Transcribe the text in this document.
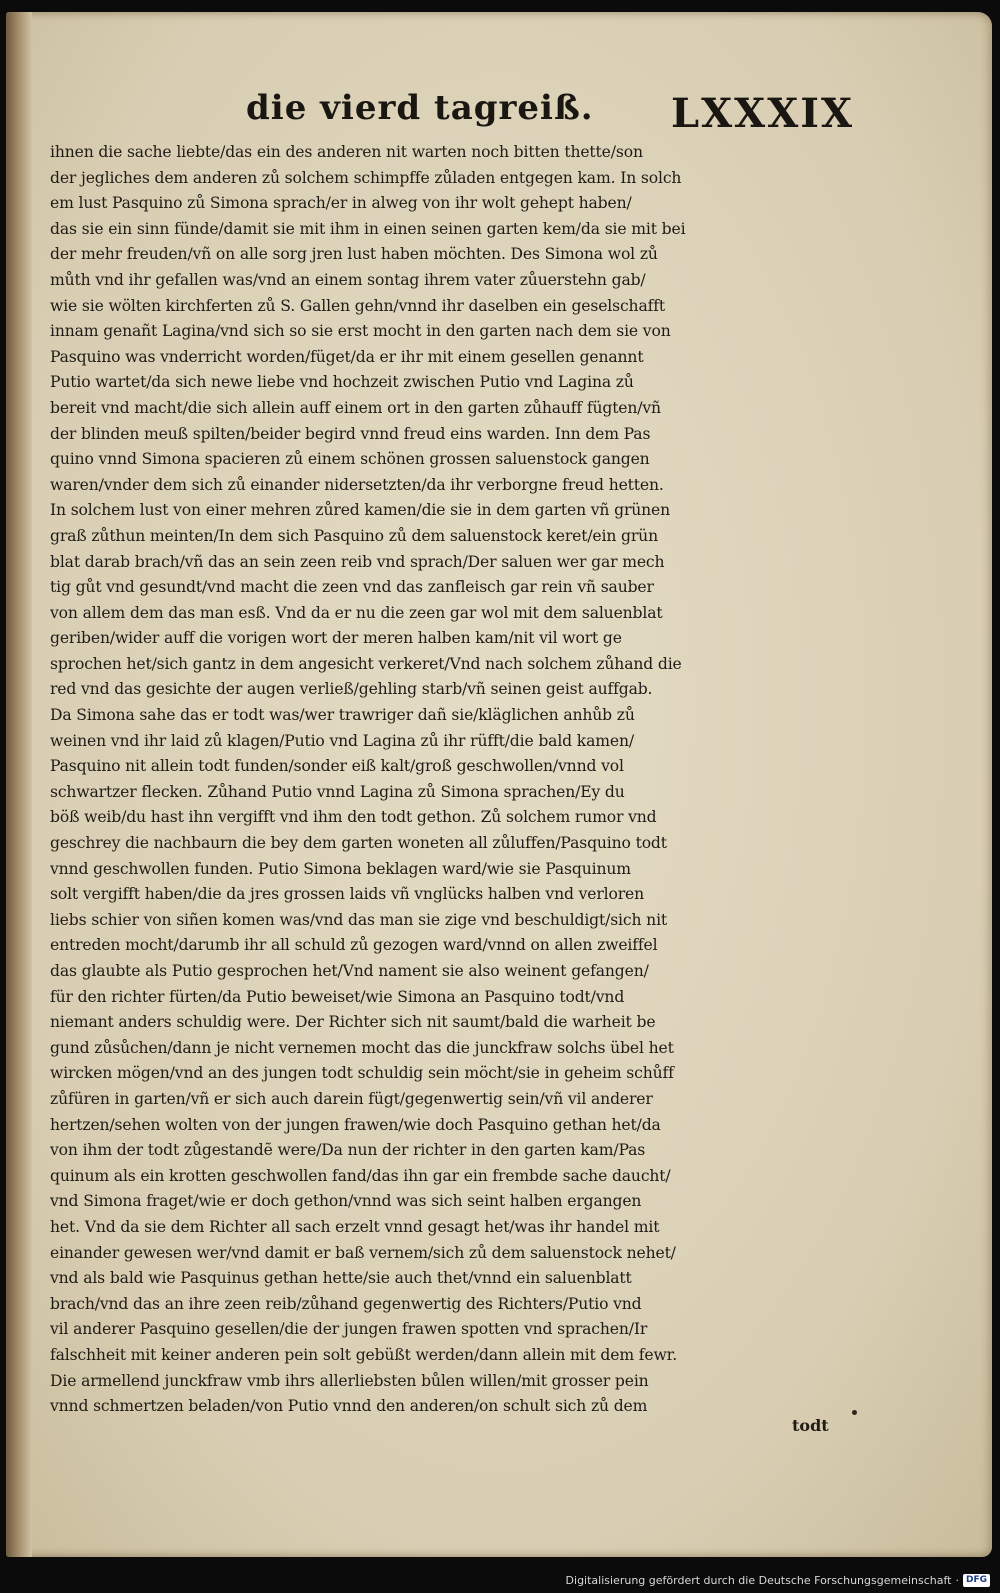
die vierd tagreiß. LXXXIX
ihnen die sache liebte/das ein des anderen nit warten noch bitten thette/son
der jegliches dem anderen zů solchem schimpffe zůladen entgegen kam. In solch
em lust Pasquino zů Simona sprach/er in alweg von ihr wolt gehept haben/
das sie ein sinn fünde/damit sie mit ihm in einen seinen garten kem/da sie mit bei
der mehr freuden/vñ on alle sorg jren lust haben möchten. Des Simona wol zů
můth vnd ihr gefallen was/vnd an einem sontag ihrem vater zůuerstehn gab/
wie sie wölten kirchferten zů S. Gallen gehn/vnnd ihr daselben ein geselschafft
innam genañt Lagina/vnd sich so sie erst mocht in den garten nach dem sie von
Pasquino was vnderricht worden/füget/da er ihr mit einem gesellen genannt
Putio wartet/da sich newe liebe vnd hochzeit zwischen Putio vnd Lagina zů
bereit vnd macht/die sich allein auff einem ort in den garten zůhauff fügten/vñ
der blinden meuß spilten/beider begird vnnd freud eins warden. Inn dem Pas
quino vnnd Simona spacieren zů einem schönen grossen saluenstock gangen
waren/vnder dem sich zů einander nidersetzten/da ihr verborgne freud hetten.
In solchem lust von einer mehren zůred kamen/die sie in dem garten vñ grünen
graß zůthun meinten/In dem sich Pasquino zů dem saluenstock keret/ein grün
blat darab brach/vñ das an sein zeen reib vnd sprach/Der saluen wer gar mech
tig gůt vnd gesundt/vnd macht die zeen vnd das zanfleisch gar rein vñ sauber
von allem dem das man esß. Vnd da er nu die zeen gar wol mit dem saluenblat
geriben/wider auff die vorigen wort der meren halben kam/nit vil wort ge
sprochen het/sich gantz in dem angesicht verkeret/Vnd nach solchem zůhand die
red vnd das gesichte der augen verließ/gehling starb/vñ seinen geist auffgab.
Da Simona sahe das er todt was/wer trawriger dañ sie/kläglichen anhůb zů
weinen vnd ihr laid zů klagen/Putio vnd Lagina zů ihr rüfft/die bald kamen/
Pasquino nit allein todt funden/sonder eiß kalt/groß geschwollen/vnnd vol
schwartzer flecken. Zůhand Putio vnnd Lagina zů Simona sprachen/Ey du
böß weib/du hast ihn vergifft vnd ihm den todt gethon. Zů solchem rumor vnd
geschrey die nachbaurn die bey dem garten woneten all zůluffen/Pasquino todt
vnnd geschwollen funden. Putio Simona beklagen ward/wie sie Pasquinum
solt vergifft haben/die da jres grossen laids vñ vnglücks halben vnd verloren
liebs schier von siñen komen was/vnd das man sie zige vnd beschuldigt/sich nit
entreden mocht/darumb ihr all schuld zů gezogen ward/vnnd on allen zweiffel
das glaubte als Putio gesprochen het/Vnd nament sie also weinent gefangen/
für den richter fürten/da Putio beweiset/wie Simona an Pasquino todt/vnd
niemant anders schuldig were. Der Richter sich nit saumt/bald die warheit be
gund zůsůchen/dann je nicht vernemen mocht das die junckfraw solchs übel het
wircken mögen/vnd an des jungen todt schuldig sein möcht/sie in geheim schůff
zůfüren in garten/vñ er sich auch darein fügt/gegenwertig sein/vñ vil anderer
hertzen/sehen wolten von der jungen frawen/wie doch Pasquino gethan het/da
von ihm der todt zůgestandẽ were/Da nun der richter in den garten kam/Pas
quinum als ein krotten geschwollen fand/das ihn gar ein frembde sache daucht/
vnd Simona fraget/wie er doch gethon/vnnd was sich seint halben ergangen
het. Vnd da sie dem Richter all sach erzelt vnnd gesagt het/was ihr handel mit
einander gewesen wer/vnd damit er baß vernem/sich zů dem saluenstock nehet/
vnd als bald wie Pasquinus gethan hette/sie auch thet/vnnd ein saluenblatt
brach/vnd das an ihre zeen reib/zůhand gegenwertig des Richters/Putio vnd
vil anderer Pasquino gesellen/die der jungen frawen spotten vnd sprachen/Ir
falschheit mit keiner anderen pein solt gebüßt werden/dann allein mit dem fewr.
Die armellend junckfraw vmb ihrs allerliebsten bůlen willen/mit grosser pein
vnnd schmertzen beladen/von Putio vnnd den anderen/on schult sich zů dem
todt
Digitalisierung gefördert durch die Deutsche Forschungsgemeinschaft · DFG
